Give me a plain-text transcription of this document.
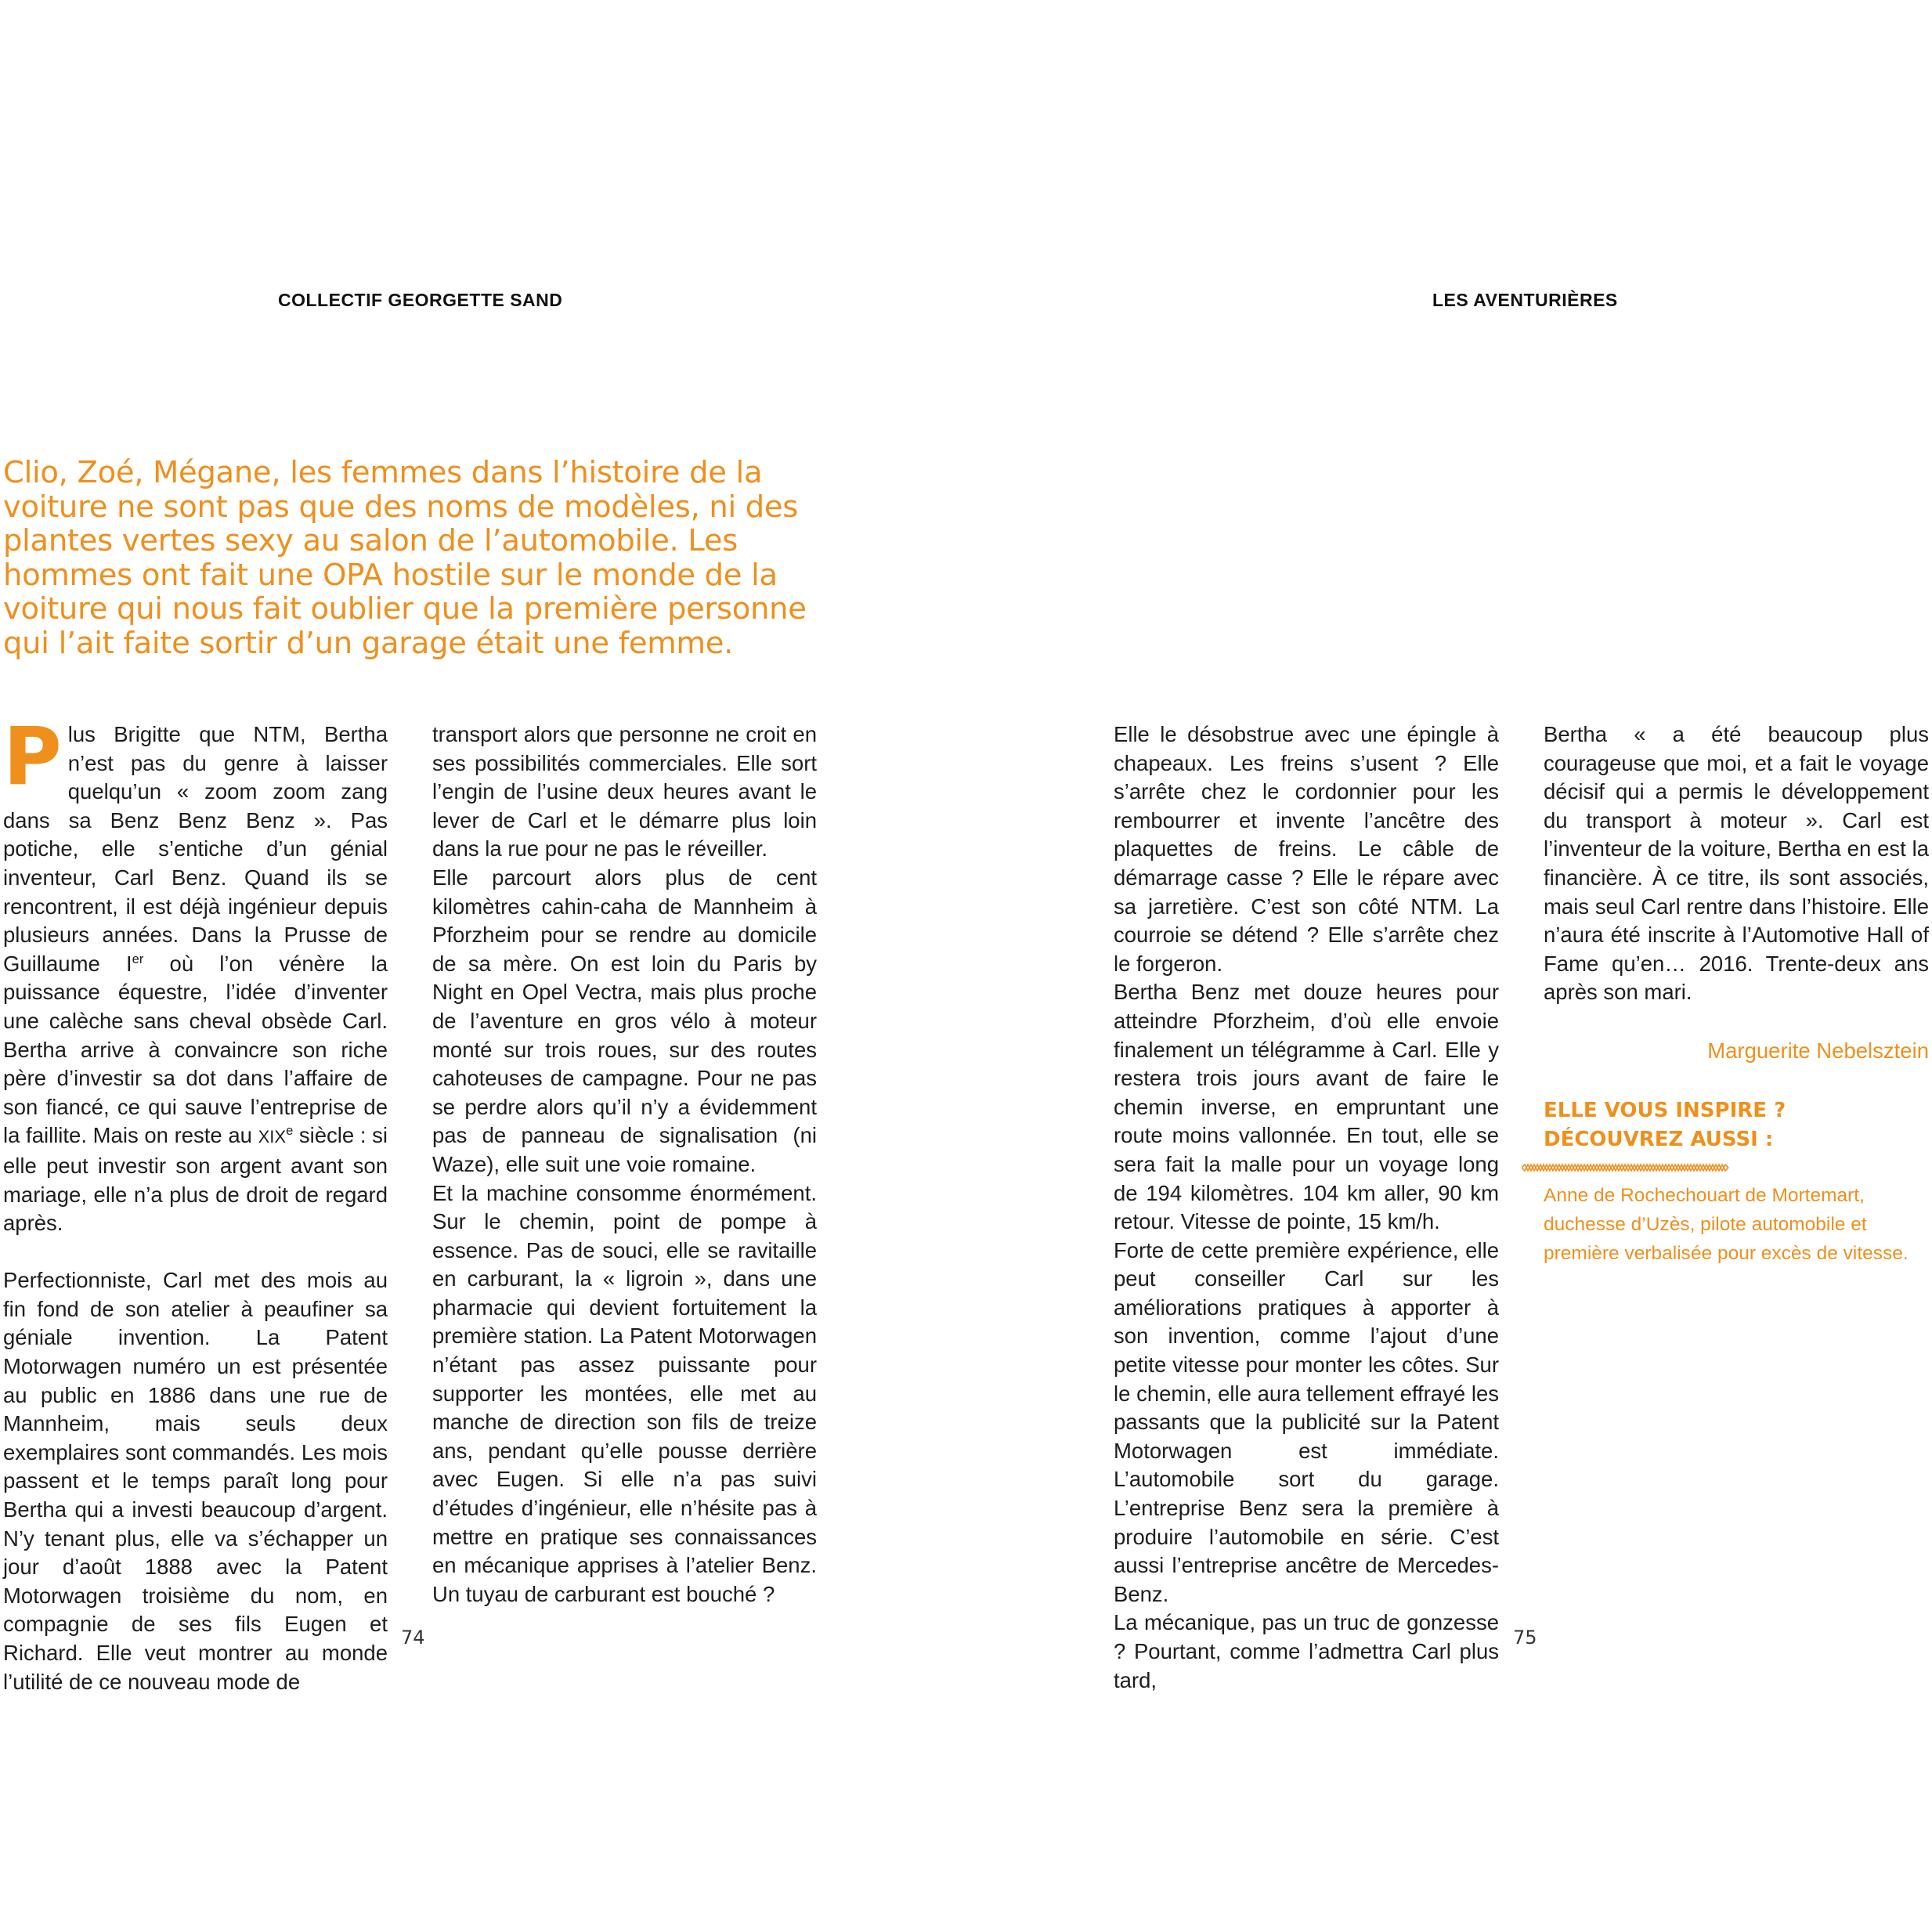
COLLECTIF GEORGETTE SAND	LES AVENTURIÈRES

Clio, Zoé, Mégane, les femmes dans l’histoire de la voiture ne sont pas que des noms de modèles, ni des plantes vertes sexy au salon de l’automobile. Les hommes ont fait une OPA hostile sur le monde de la voiture qui nous fait oublier que la première personne qui l’ait faite sortir d’un garage était une femme.

Plus Brigitte que NTM, Bertha n’est pas du genre à laisser quelqu’un « zoom zoom zang dans sa Benz Benz Benz ». Pas potiche, elle s’entiche d’un génial inventeur, Carl Benz. Quand ils se rencontrent, il est déjà ingénieur depuis plusieurs années. Dans la Prusse de Guillaume Ier où l’on vénère la puissance équestre, l’idée d’inventer une calèche sans cheval obsède Carl. Bertha arrive à convaincre son riche père d’investir sa dot dans l’affaire de son fiancé, ce qui sauve l’entreprise de la faillite. Mais on reste au XIXe siècle : si elle peut investir son argent avant son mariage, elle n’a plus de droit de regard après.

Perfectionniste, Carl met des mois au fin fond de son atelier à peaufiner sa géniale invention. La Patent Motorwagen numéro un est présentée au public en 1886 dans une rue de Mannheim, mais seuls deux exemplaires sont commandés. Les mois passent et le temps paraît long pour Bertha qui a investi beaucoup d’argent. N’y tenant plus, elle va s’échapper un jour d’août 1888 avec la Patent Motorwagen troisième du nom, en compagnie de ses fils Eugen et Richard. Elle veut montrer au monde l’utilité de ce nouveau mode de

transport alors que personne ne croit en ses possibilités commerciales. Elle sort l’engin de l’usine deux heures avant le lever de Carl et le démarre plus loin dans la rue pour ne pas le réveiller.

Elle parcourt alors plus de cent kilomètres cahin-caha de Mannheim à Pforzheim pour se rendre au domicile de sa mère. On est loin du Paris by Night en Opel Vectra, mais plus proche de l’aventure en gros vélo à moteur monté sur trois roues, sur des routes cahoteuses de campagne. Pour ne pas se perdre alors qu’il n’y a évidemment pas de panneau de signalisation (ni Waze), elle suit une voie romaine.

Et la machine consomme énormément. Sur le chemin, point de pompe à essence. Pas de souci, elle se ravitaille en carburant, la « ligroin », dans une pharmacie qui devient fortuitement la première station. La Patent Motorwagen n’étant pas assez puissante pour supporter les montées, elle met au manche de direction son fils de treize ans, pendant qu’elle pousse derrière avec Eugen. Si elle n’a pas suivi d’études d’ingénieur, elle n’hésite pas à mettre en pratique ses connaissances en mécanique apprises à l’atelier Benz. Un tuyau de carburant est bouché ?

Elle le désobstrue avec une épingle à chapeaux. Les freins s’usent ? Elle s’arrête chez le cordonnier pour les rembourrer et invente l’ancêtre des plaquettes de freins. Le câble de démarrage casse ? Elle le répare avec sa jarretière. C’est son côté NTM. La courroie se détend ? Elle s’arrête chez le forgeron.

Bertha Benz met douze heures pour atteindre Pforzheim, d’où elle envoie finalement un télégramme à Carl. Elle y restera trois jours avant de faire le chemin inverse, en empruntant une route moins vallonnée. En tout, elle se sera fait la malle pour un voyage long de 194 kilomètres. 104 km aller, 90 km retour. Vitesse de pointe, 15 km/h.

Forte de cette première expérience, elle peut conseiller Carl sur les améliorations pratiques à apporter à son invention, comme l’ajout d’une petite vitesse pour monter les côtes. Sur le chemin, elle aura tellement effrayé les passants que la publicité sur la Patent Motorwagen est immédiate. L’automobile sort du garage. L’entreprise Benz sera la première à produire l’automobile en série. C’est aussi l’entreprise ancêtre de Mercedes-Benz.

La mécanique, pas un truc de gonzesse ? Pourtant, comme l’admettra Carl plus tard,

Bertha « a été beaucoup plus courageuse que moi, et a fait le voyage décisif qui a permis le développement du transport à moteur ». Carl est l’inventeur de la voiture, Bertha en est la financière. À ce titre, ils sont associés, mais seul Carl rentre dans l’histoire. Elle n’aura été inscrite à l’Automotive Hall of Fame qu’en… 2016. Trente-deux ans après son mari.

Marguerite Nebelsztein

ELLE VOUS INSPIRE ?

DÉCOUVREZ AUSSI :

Anne de Rochechouart de Mortemart, duchesse d’Uzès, pilote automobile et première verbalisée pour excès de vitesse.

74	75
